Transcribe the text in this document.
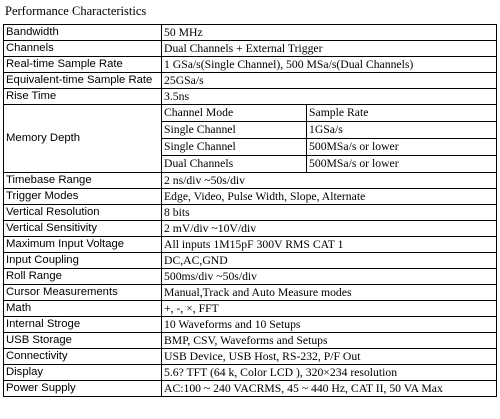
Performance Characteristics
Bandwidth	50 MHz
Channels	Dual Channels + External Trigger
Real-time Sample Rate	1 GSa/s(Single Channel), 500 MSa/s(Dual Channels)
Equivalent-time Sample Rate	25GSa/s
Rise Time	3.5ns
Memory Depth	
Channel Mode	Sample Rate
Single Channel	1GSa/s
Single Channel	500MSa/s or lower
Dual Channels	500MSa/s or lower

Timebase Range	2 ns/div ~50s/div
Trigger Modes	Edge, Video, Pulse Width, Slope, Alternate
Vertical Resolution	8 bits
Vertical Sensitivity	2 mV/div ~10V/div
Maximum Input Voltage	All inputs 1M15pF 300V RMS CAT 1
Input Coupling	DC,AC,GND
Roll Range	500ms/div ~50s/div
Cursor Measurements	Manual,Track and Auto Measure modes
Math	+, -, ×, FFT
Internal Stroge	10 Waveforms and 10 Setups
USB Storage	BMP, CSV, Waveforms and Setups
Connectivity	USB Device, USB Host, RS-232, P/F Out
Display	5.6? TFT (64 k, Color LCD ), 320×234 resolution
Power Supply	AC:100 ~ 240 VACRMS, 45 ~ 440 Hz, CAT II, 50 VA Max
